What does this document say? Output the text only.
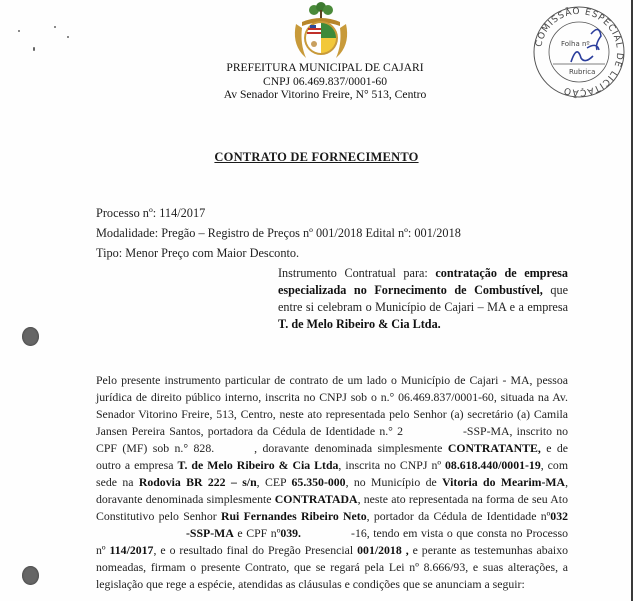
PREFEITURA MUNICIPAL DE CAJARI
CNPJ 06.469.837/0001-60
Av Senador Vitorino Freire, N° 513, Centro
COMISSÃO ESPECIAL DE LICITAÇÃO
Folha nº
Rubrica
CONTRATO DE FORNECIMENTO
Processo nº: 114/2017
Modalidade: Pregão – Registro de Preços nº 001/2018 Edital nº: 001/2018
Tipo: Menor Preço com Maior Desconto.
Instrumento Contratual para: contratação de empresa especializada no Fornecimento de Combustível, que entre si celebram o Município de Cajari – MA e a empresa T. de Melo Ribeiro & Cia Ltda.
Pelo presente instrumento particular de contrato de um lado o Município de Cajari - MA, pessoa jurídica de direito público interno, inscrita no CNPJ sob o n.° 06.469.837/0001-60, situada na Av. Senador Vitorino Freire, 513, Centro, neste ato representada pelo Senhor (a) secretário (a) Camila Jansen Pereira Santos, portadora da Cédula de Identidade n.° 2	-SSP-MA, inscrito no CPF (MF) sob n.° 828.	, doravante denominada simplesmente CONTRATANTE, e de outro a empresa T. de Melo Ribeiro & Cia Ltda, inscrita no CNPJ nº 08.618.440/0001-19, com sede na Rodovia BR 222 – s/n, CEP 65.350-000, no Município de Vitoria do Mearim-MA, doravante denominada simplesmente CONTRATADA, neste ato representada na forma de seu Ato Constitutivo pelo Senhor Rui Fernandes Ribeiro Neto, portador da Cédula de Identidade nº032-SSP-MA e CPF nº039.	-16, tendo em vista o que consta no Processo nº 114/2017, e o resultado final do Pregão Presencial 001/2018 , e perante as testemunhas abaixo nomeadas, firmam o presente Contrato, que se regará pela Lei nº 8.666/93, e suas alterações, a legislação que rege a espécie, atendidas as cláusulas e condições que se anunciam a seguir:
